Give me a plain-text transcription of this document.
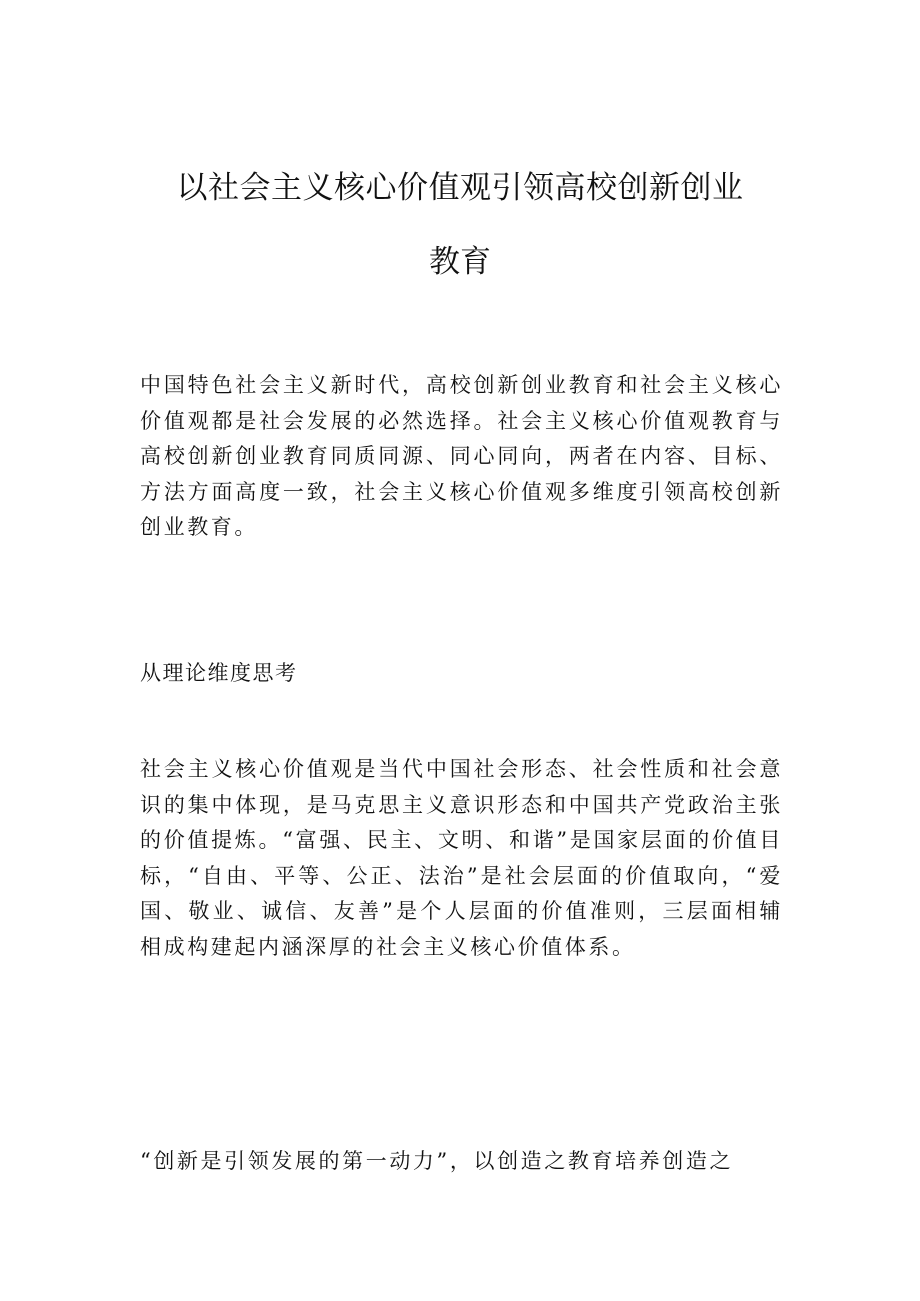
以社会主义核心价值观引领高校创新创业
教育

中国特色社会主义新时代，高校创新创业教育和社会主义核心价值观都是社会发展的必然选择。社会主义核心价值观教育与高校创新创业教育同质同源、同心同向，两者在内容、目标、方法方面高度一致，社会主义核心价值观多维度引领高校创新创业教育。

从理论维度思考

社会主义核心价值观是当代中国社会形态、社会性质和社会意识的集中体现，是马克思主义意识形态和中国共产党政治主张的价值提炼。“富强、民主、文明、和谐”是国家层面的价值目标，“自由、平等、公正、法治”是社会层面的价值取向，“爱国、敬业、诚信、友善”是个人层面的价值准则，三层面相辅相成构建起内涵深厚的社会主义核心价值体系。

“创新是引领发展的第一动力”，以创造之教育培养创造之
